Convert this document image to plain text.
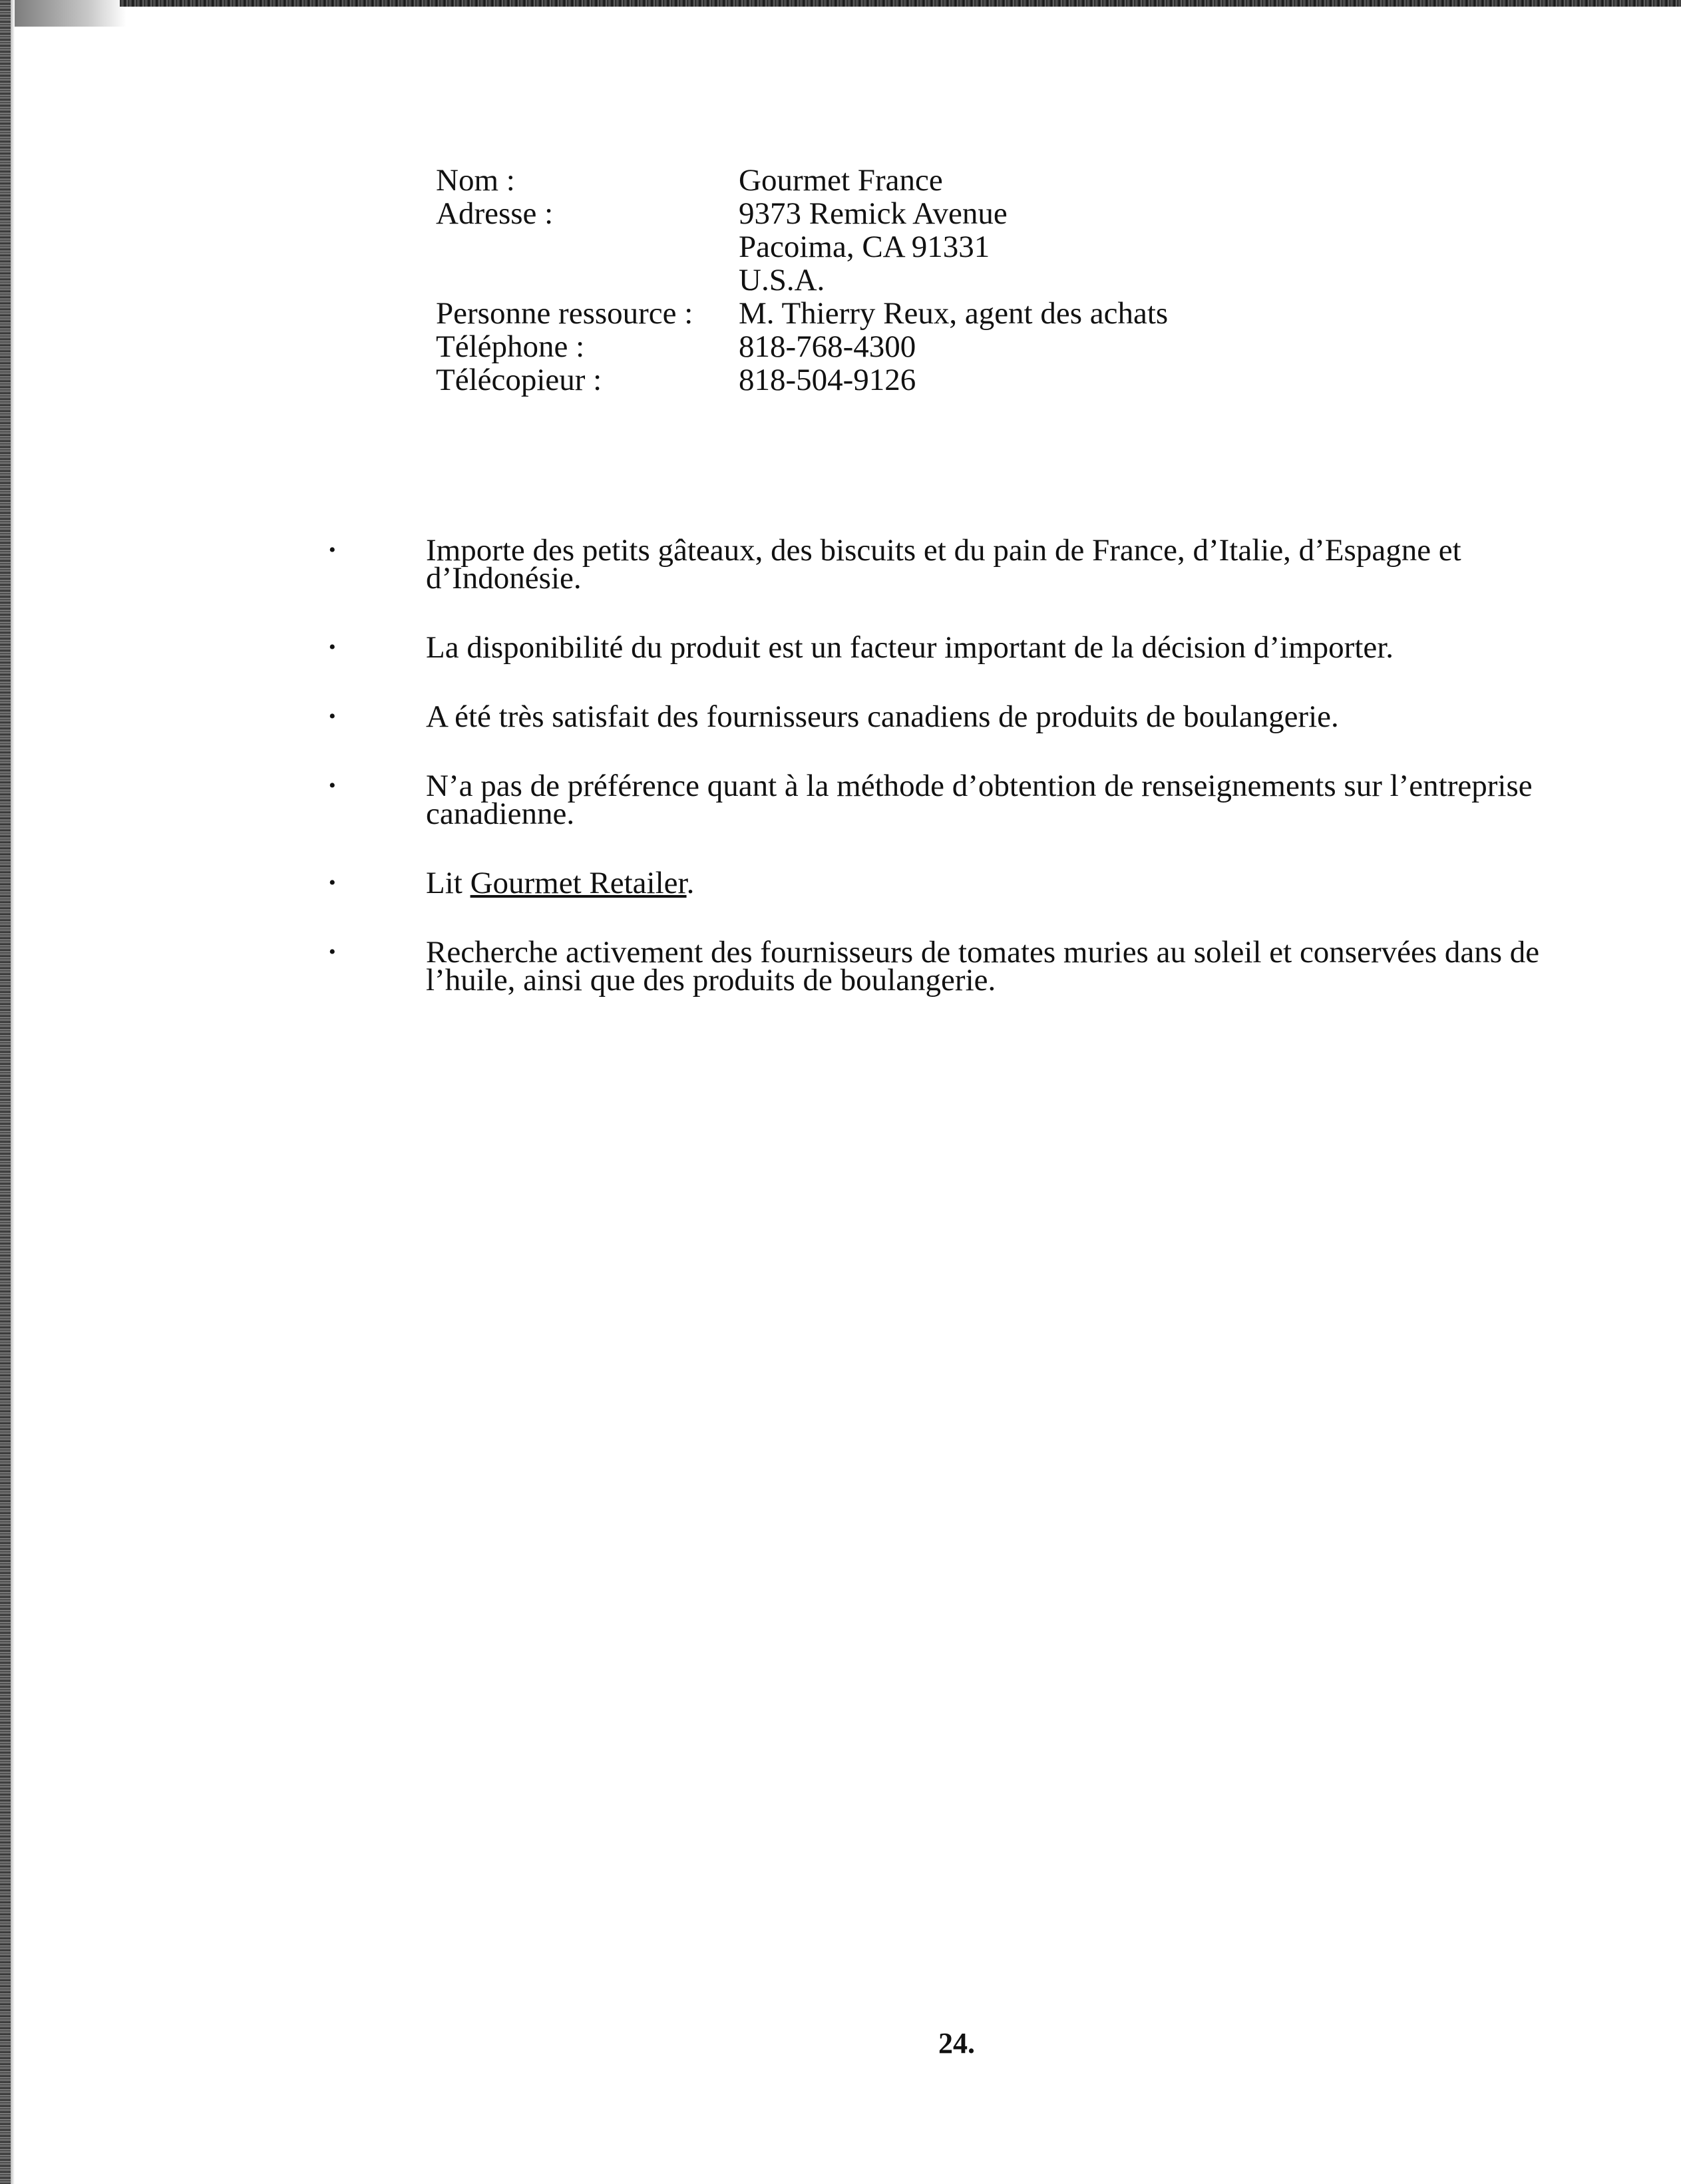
Nom :	Gourmet France
Adresse :	9373 Remick Avenue
Pacoima, CA 91331
U.S.A.
Personne ressource :	M. Thierry Reux, agent des achats
Téléphone :	818-768-4300
Télécopieur :	818-504-9126
•	Importe des petits gâteaux, des biscuits et du pain de France, d’Italie, d’Espagne et
d’Indonésie.
•	La disponibilité du produit est un facteur important de la décision d’importer.
•	A été très satisfait des fournisseurs canadiens de produits de boulangerie.
•	N’a pas de préférence quant à la méthode d’obtention de renseignements sur l’entreprise
canadienne.
•	Lit Gourmet Retailer.
•	Recherche activement des fournisseurs de tomates muries au soleil et conservées dans de
l’huile, ainsi que des produits de boulangerie.
24.
